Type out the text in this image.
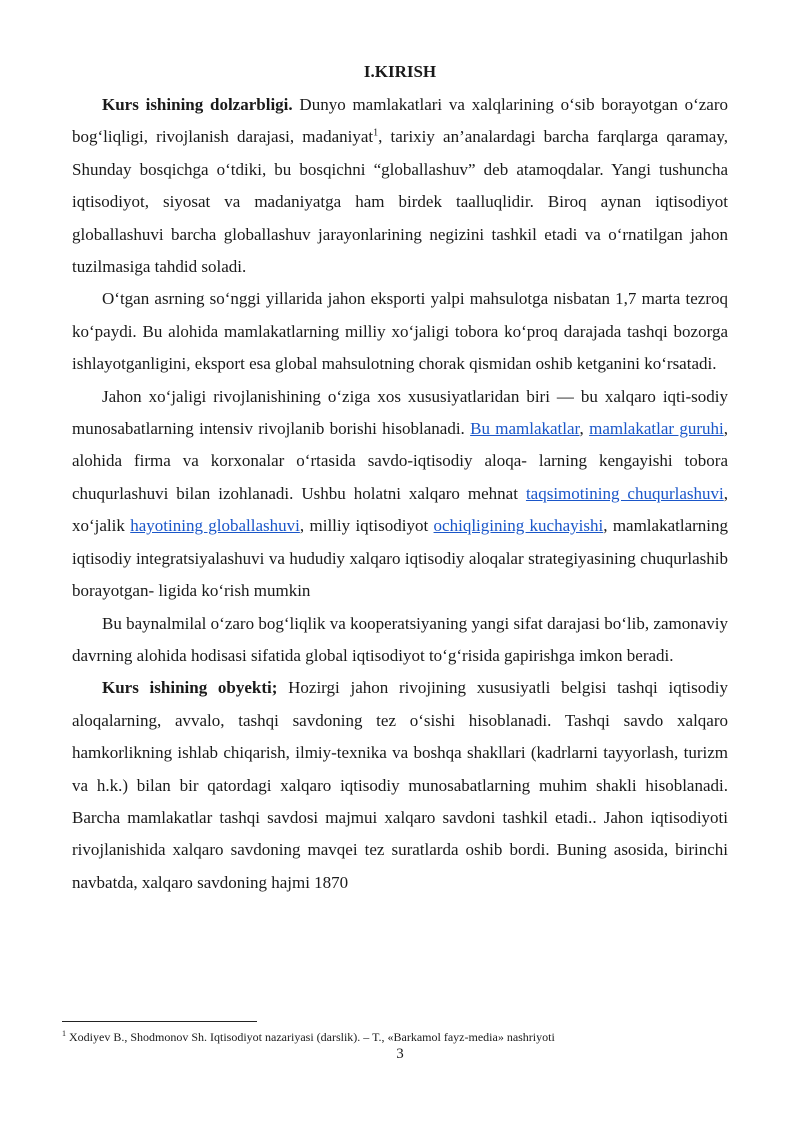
I.KIRISH

Kurs ishining dolzarbligi. Dunyo mamlakatlari va xalqlarining o‘sib borayotgan o‘zaro bog‘liqligi, rivojlanish darajasi, madaniyat$^1$, tarixiy an’analardagi barcha farqlarga qaramay, Shunday bosqichga o‘tdiki, bu bosqichni “globallashuv” deb atamoqdalar. Yangi tushuncha iqtisodiyot, siyosat va madaniyatga ham birdek taalluqlidir. Biroq aynan iqtisodiyot globallashuvi barcha globallashuv jarayonlarining negizini tashkil etadi va o‘rnatilgan jahon tuzilmasiga tahdid soladi.

O‘tgan asrning so‘nggi yillarida jahon eksporti yalpi mahsulotga nisbatan 1,7 marta tezroq ko‘paydi. Bu alohida mamlakatlarning milliy xo‘jaligi tobora ko‘proq darajada tashqi bozorga ishlayotganligini, eksport esa global mahsulotning chorak qismidan oshib ketganini ko‘rsatadi.

Jahon xo‘jaligi rivojlanishining o‘ziga xos xususiyatlaridan biri — bu xalqaro iqti-sodiy munosabatlarning intensiv rivojlanib borishi hisoblanadi. Bu mamlakatlar, mamlakatlar guruhi, alohida firma va korxonalar o‘rtasida savdo-iqtisodiy aloqa- larning kengayishi tobora chuqurlashuvi bilan izohlanadi. Ushbu holatni xalqaro mehnat taqsimotining chuqurlashuvi, xo‘jalik hayotining globallashuvi, milliy iqtisodiyot ochiqligining kuchayishi, mamlakatlarning iqtisodiy integratsiyalashuvi va hududiy xalqaro iqtisodiy aloqalar strategiyasining chuqurlashib borayotgan- ligida ko‘rish mumkin

Bu baynalmilal o‘zaro bog‘liqlik va kooperatsiyaning yangi sifat darajasi bo‘lib, zamonaviy davrning alohida hodisasi sifatida global iqtisodiyot to‘g‘risida gapirishga imkon beradi.

Kurs ishining obyekti; Hozirgi jahon rivojining xususiyatli belgisi tashqi iqtisodiy aloqalarning, avvalo, tashqi savdoning tez o‘sishi hisoblanadi. Tashqi savdo xalqaro hamkorlikning ishlab chiqarish, ilmiy-texnika va boshqa shakllari (kadrlarni tayyorlash, turizm va h.k.) bilan bir qatordagi xalqaro iqtisodiy munosabatlarning muhim shakli hisoblanadi. Barcha mamlakatlar tashqi savdosi majmui xalqaro savdoni tashkil etadi.. Jahon iqtisodiyoti rivojlanishida xalqaro savdoning mavqei tez suratlarda oshib bordi. Buning asosida, birinchi navbatda, xalqaro savdoning hajmi 1870

$^1$ Xodiyev B., Shodmonov Sh. Iqtisodiyot nazariyasi (darslik). – T., «Barkamol fayz-media» nashriyoti
3
